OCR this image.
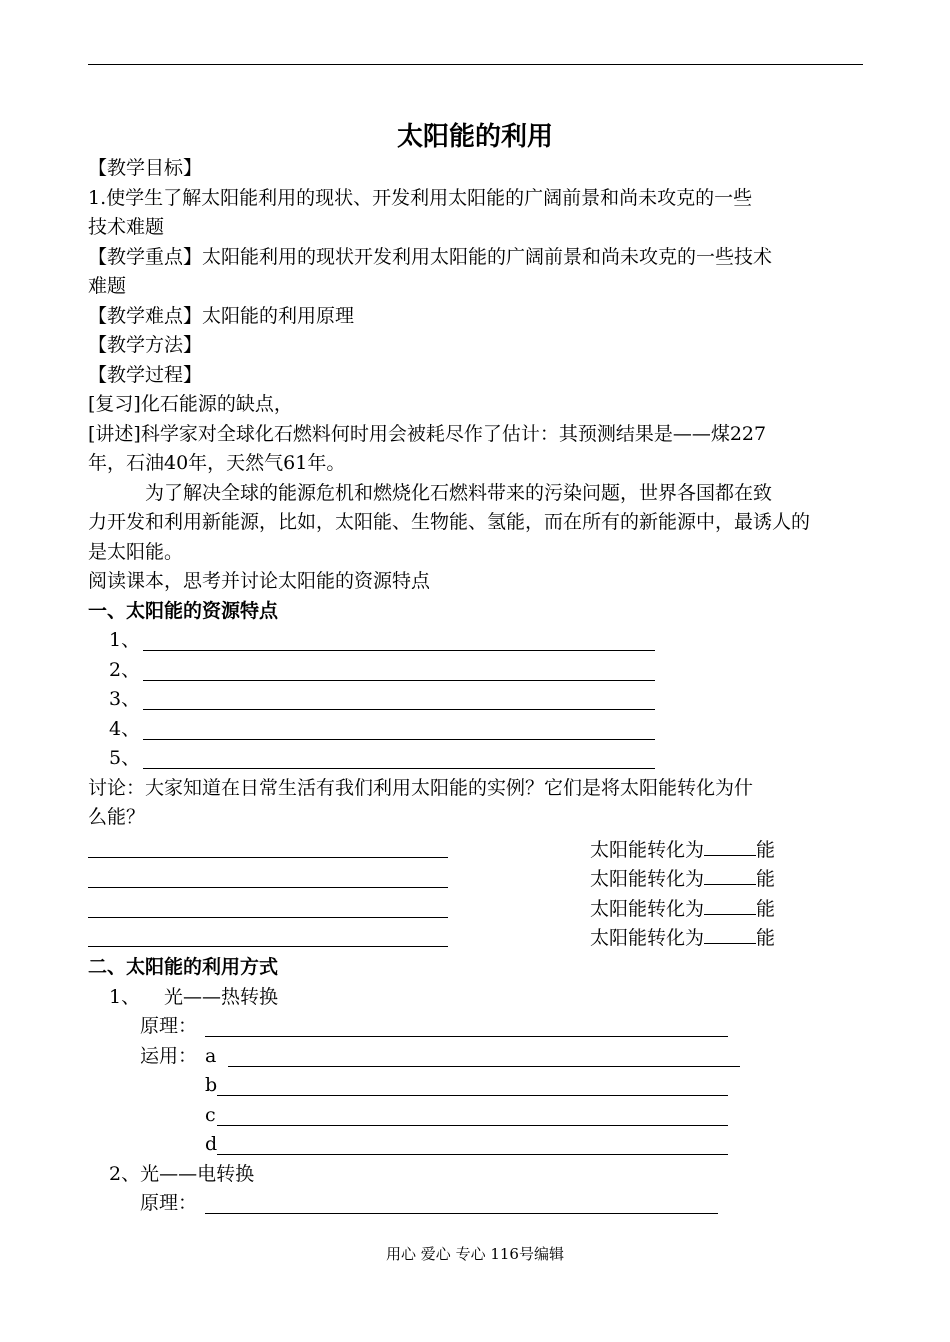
太阳能的利用
【教学目标】
1.使学生了解太阳能利用的现状、开发利用太阳能的广阔前景和尚未攻克的一些
技术难题
【教学重点】太阳能利用的现状开发利用太阳能的广阔前景和尚未攻克的一些技术
难题
【教学难点】太阳能的利用原理
【教学方法】
【教学过程】
[复习]化石能源的缺点，
[讲述]科学家对全球化石燃料何时用会被耗尽作了估计：其预测结果是——煤227
年，石油40年，天然气61年。
为了解决全球的能源危机和燃烧化石燃料带来的污染问题，世界各国都在致
力开发和利用新能源，比如，太阳能、生物能、氢能，而在所有的新能源中，最诱人的
是太阳能。
阅读课本，思考并讨论太阳能的资源特点
一、太阳能的资源特点
1、
2、
3、
4、
5、
讨论：大家知道在日常生活有我们利用太阳能的实例？它们是将太阳能转化为什
么能？
太阳能转化为	能
太阳能转化为	能
太阳能转化为	能
太阳能转化为	能
二、太阳能的利用方式
1、 光——热转换
原理：
运用： a
b
c
d
2、光——电转换
原理：
用心 爱心 专心 116号编辑
